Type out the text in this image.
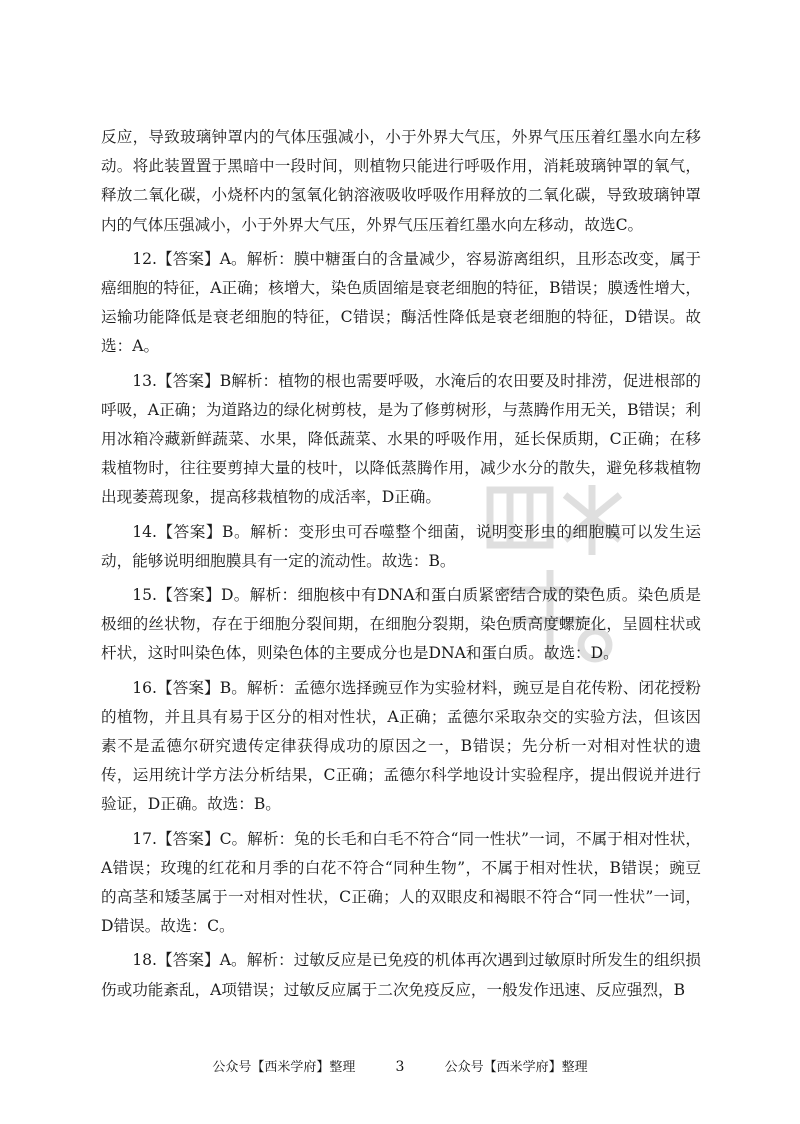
反应，导致玻璃钟罩内的气体压强减小，小于外界大气压，外界气压压着红墨水向左移动。将此装置置于黑暗中一段时间，则植物只能进行呼吸作用，消耗玻璃钟罩的氧气，释放二氧化碳，小烧杯内的氢氧化钠溶液吸收呼吸作用释放的二氧化碳，导致玻璃钟罩内的气体压强减小，小于外界大气压，外界气压压着红墨水向左移动，故选C。

12.【答案】A。解析：膜中糖蛋白的含量减少，容易游离组织，且形态改变，属于癌细胞的特征，A正确；核增大，染色质固缩是衰老细胞的特征，B错误；膜透性增大，运输功能降低是衰老细胞的特征，C错误；酶活性降低是衰老细胞的特征，D错误。故选：A。

13.【答案】B解析：植物的根也需要呼吸，水淹后的农田要及时排涝，促进根部的呼吸，A正确；为道路边的绿化树剪枝，是为了修剪树形，与蒸腾作用无关，B错误；利用冰箱冷藏新鲜蔬菜、水果，降低蔬菜、水果的呼吸作用，延长保质期，C正确；在移栽植物时，往往要剪掉大量的枝叶，以降低蒸腾作用，减少水分的散失，避免移栽植物出现萎蔫现象，提高移栽植物的成活率，D正确。

14.【答案】B。解析：变形虫可吞噬整个细菌，说明变形虫的细胞膜可以发生运动，能够说明细胞膜具有一定的流动性。故选：B。

15.【答案】D。解析：细胞核中有DNA和蛋白质紧密结合成的染色质。染色质是极细的丝状物，存在于细胞分裂间期，在细胞分裂期，染色质高度螺旋化，呈圆柱状或杆状，这时叫染色体，则染色体的主要成分也是DNA和蛋白质。故选：D。

16.【答案】B。解析：孟德尔选择豌豆作为实验材料，豌豆是自花传粉、闭花授粉的植物，并且具有易于区分的相对性状，A正确；孟德尔采取杂交的实验方法，但该因素不是孟德尔研究遗传定律获得成功的原因之一，B错误；先分析一对相对性状的遗传，运用统计学方法分析结果，C正确；孟德尔科学地设计实验程序，提出假说并进行验证，D正确。故选：B。

17.【答案】C。解析：兔的长毛和白毛不符合“同一性状”一词，不属于相对性状，A错误；玫瑰的红花和月季的白花不符合“同种生物”，不属于相对性状，B错误；豌豆的高茎和矮茎属于一对相对性状，C正确；人的双眼皮和褐眼不符合“同一性状”一词，D错误。故选：C。

18.【答案】A。解析：过敏反应是已免疫的机体再次遇到过敏原时所发生的组织损伤或功能紊乱，A项错误；过敏反应属于二次免疫反应，一般发作迅速、反应强烈，B

公众号【西米学府】整理	3	公众号【西米学府】整理
